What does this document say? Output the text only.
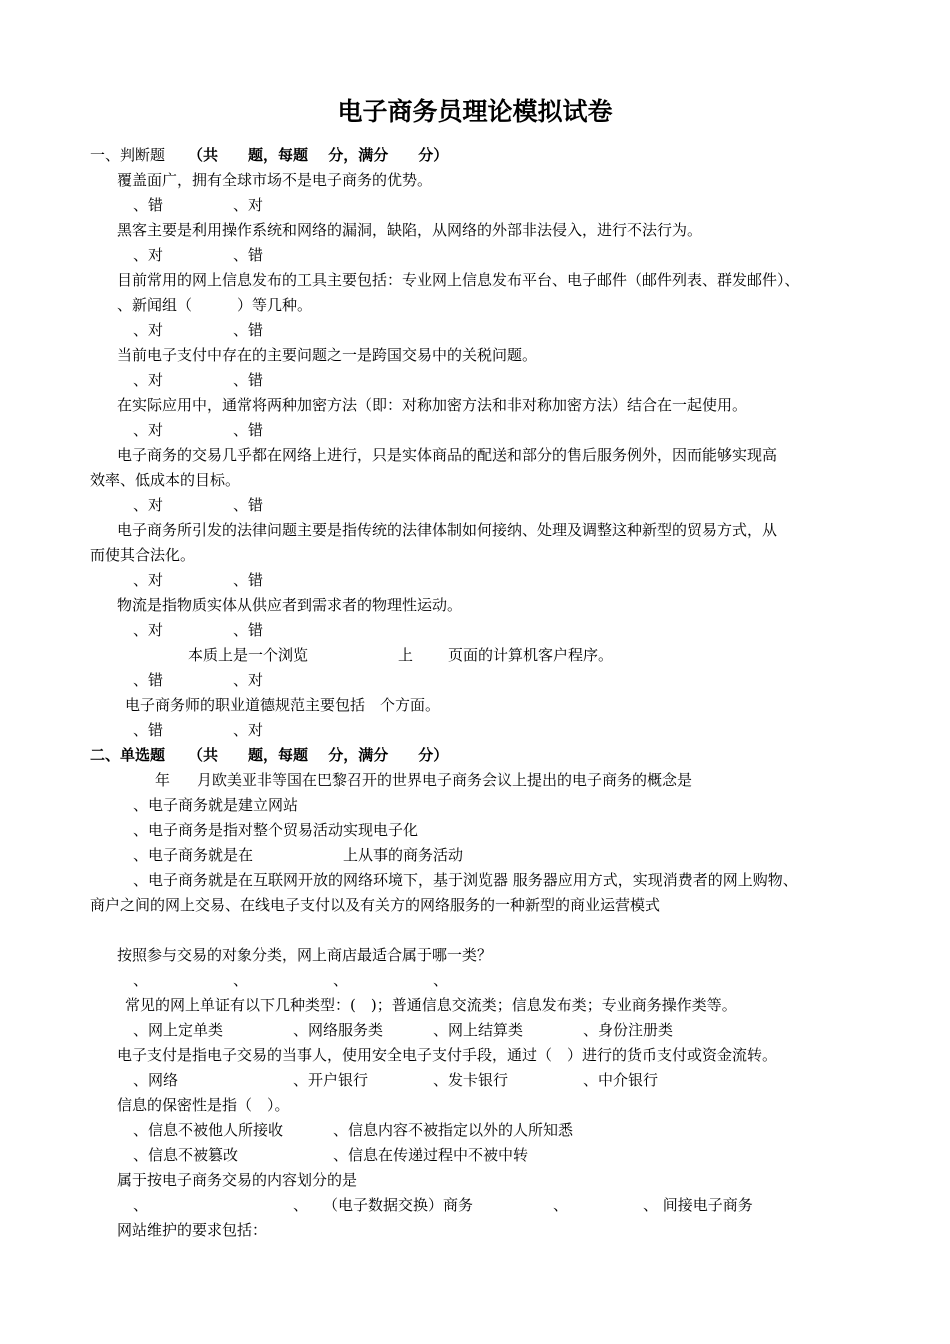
电子商务员理论模拟试卷
一、判断题 （共　　题，每题　 分，满分　　分）
覆盖面广，拥有全球市场不是电子商务的优势。
、错	、对
黑客主要是利用操作系统和网络的漏洞，缺陷，从网络的外部非法侵入，进行不法行为。
、对	、错
目前常用的网上信息发布的工具主要包括：专业网上信息发布平台、电子邮件（邮件列表、群发邮件）、
、新闻组（　　　）等几种。
、对	、错
当前电子支付中存在的主要问题之一是跨国交易中的关税问题。
、对	、错
在实际应用中，通常将两种加密方法（即：对称加密方法和非对称加密方法）结合在一起使用。
、对	、错
电子商务的交易几乎都在网络上进行，只是实体商品的配送和部分的售后服务例外，因而能够实现高
效率、低成本的目标。
、对	、错
电子商务所引发的法律问题主要是指传统的法律体制如何接纳、处理及调整这种新型的贸易方式，从
而使其合法化。
、对	、错
物流是指物质实体从供应者到需求者的物理性运动。
、对	、错
本质上是一个浏览	上 页面的计算机客户程序。
、错	、对
电子商务师的职业道德规范主要包括　个方面。
、错	、对
二、单选题 （共　　题，每题　 分，满分　　分）
年 月欧美亚非等国在巴黎召开的世界电子商务会议上提出的电子商务的概念是
、电子商务就是建立网站
、电子商务是指对整个贸易活动实现电子化
、电子商务就是在	上从事的商务活动
、电子商务就是在互联网开放的网络环境下，基于浏览器 服务器应用方式，实现消费者的网上购物、
商户之间的网上交易、在线电子支付以及有关方的网络服务的一种新型的商业运营模式
按照参与交易的对象分类，网上商店最适合属于哪一类？
、	、	、	、
常见的网上单证有以下几种类型：(　)；普通信息交流类；信息发布类；专业商务操作类等。
、网上定单类	、网络服务类	、网上结算类	、身份注册类
电子支付是指电子交易的当事人，使用安全电子支付手段，通过（　）进行的货币支付或资金流转。
、网络	、开户银行	、发卡银行	、中介银行
信息的保密性是指（　）。
、信息不被他人所接收	、信息内容不被指定以外的人所知悉
、信息不被篡改	、信息在传递过程中不被中转
属于按电子商务交易的内容划分的是
、	、　　（电子数据交换）商务	、	、 间接电子商务
网站维护的要求包括：
